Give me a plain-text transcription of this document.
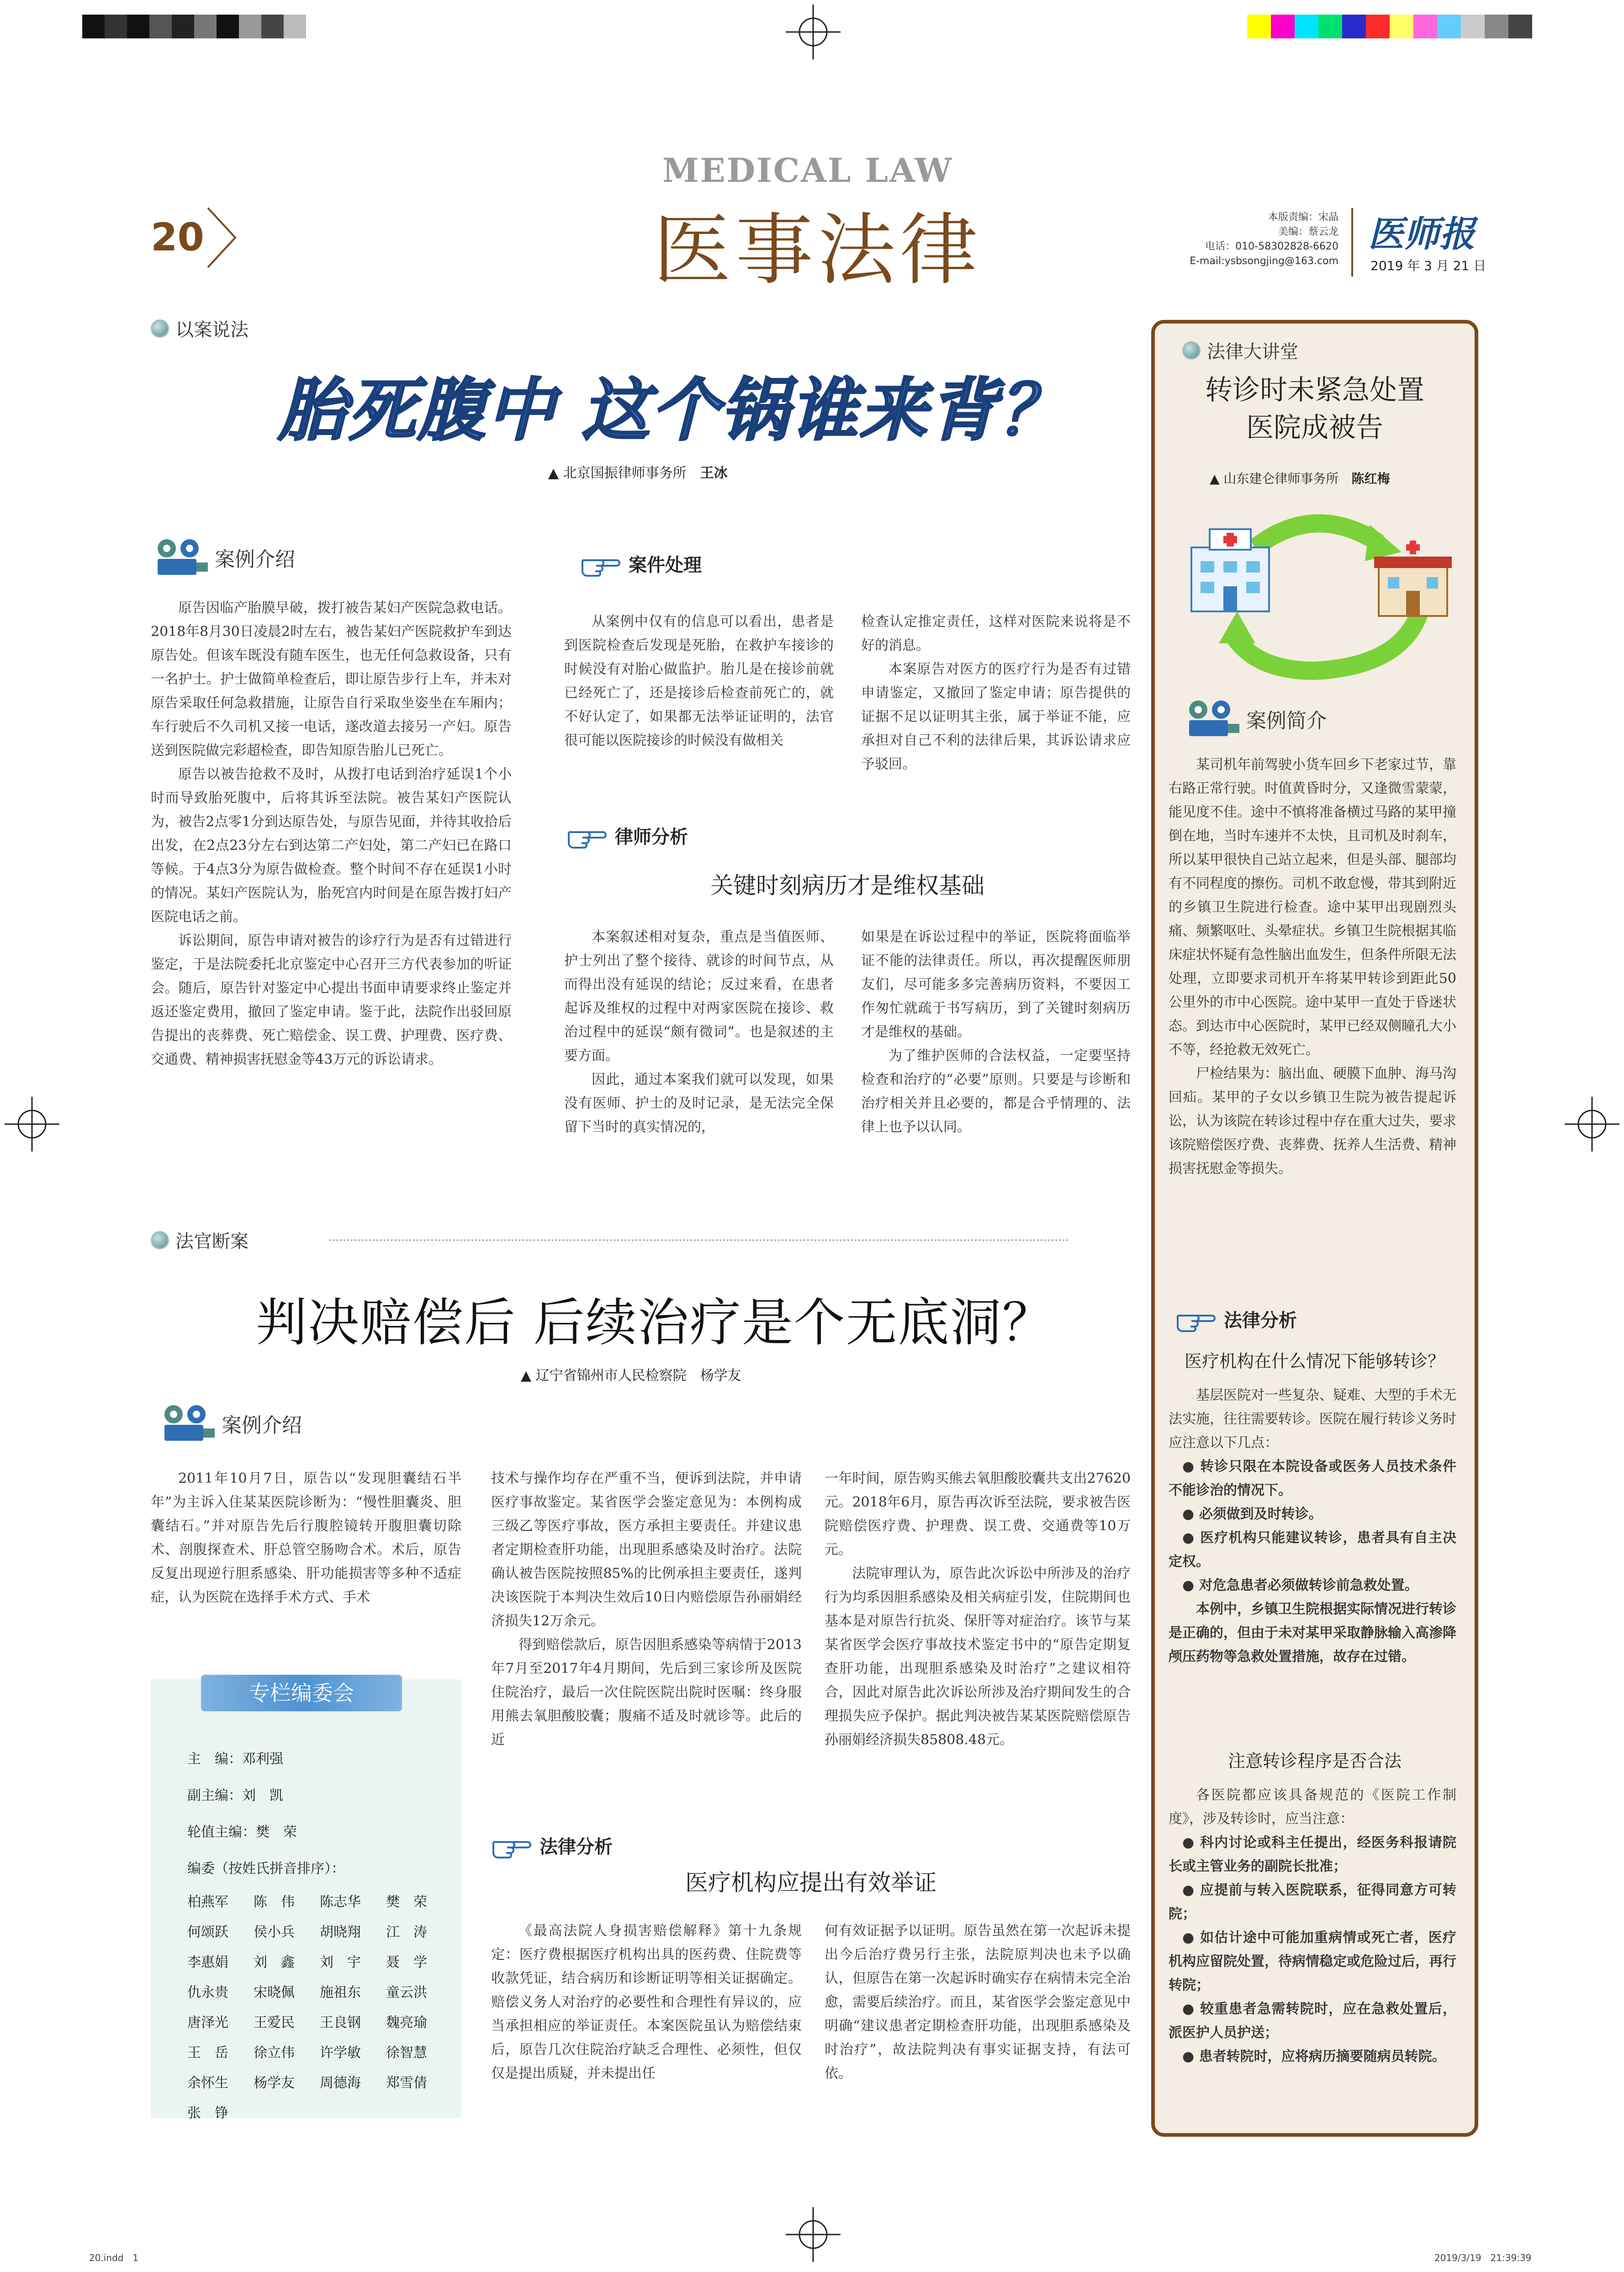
20
MEDICAL LAW
医事法律	本版责编：宋晶
美编：蔡云龙
电话：010-58302828-6620
E-mail:ysbsongjing@163.com
医师报
2019 年 3 月 21 日
以案说法
胎死腹中 这个锅谁来背？
▲ 北京国振律师事务所　 王冰
案例介绍

原告因临产胎膜早破，拨打被告某妇产医院急救电话。2018年8月30日凌晨2时左右，被告某妇产医院救护车到达原告处。但该车既没有随车医生，也无任何急救设备，只有一名护士。护士做简单检查后，即让原告步行上车，并未对原告采取任何急救措施，让原告自行采取坐姿坐在车厢内；车行驶后不久司机又接一电话，遂改道去接另一产妇。原告送到医院做完彩超检查，即告知原告胎儿已死亡。

原告以被告抢救不及时，从拨打电话到治疗延误1个小时而导致胎死腹中，后将其诉至法院。被告某妇产医院认为，被告2点零1分到达原告处，与原告见面，并待其收拾后出发，在2点23分左右到达第二产妇处，第二产妇已在路口等候。于4点3分为原告做检查。整个时间不存在延误1小时的情况。某妇产医院认为，胎死宫内时间是在原告拨打妇产医院电话之前。

诉讼期间，原告申请对被告的诊疗行为是否有过错进行鉴定，于是法院委托北京鉴定中心召开三方代表参加的听证会。随后，原告针对鉴定中心提出书面申请要求终止鉴定并返还鉴定费用，撤回了鉴定申请。鉴于此，法院作出驳回原告提出的丧葬费、死亡赔偿金、误工费、护理费、医疗费、交通费、精神损害抚慰金等43万元的诉讼请求。

案件处理

从案例中仅有的信息可以看出，患者是到医院检查后发现是死胎，在救护车接诊的时候没有对胎心做监护。胎儿是在接诊前就已经死亡了，还是接诊后检查前死亡的，就不好认定了，如果都无法举证证明的，法官很可能以医院接诊的时候没有做相关

检查认定推定责任，这样对医院来说将是不好的消息。

本案原告对医方的医疗行为是否有过错申请鉴定，又撤回了鉴定申请；原告提供的证据不足以证明其主张，属于举证不能，应承担对自己不利的法律后果，其诉讼请求应予驳回。

律师分析
关键时刻病历才是维权基础

本案叙述相对复杂，重点是当值医师、护士列出了整个接待、就诊的时间节点，从而得出没有延误的结论；反过来看，在患者起诉及维权的过程中对两家医院在接诊、救治过程中的延误“颇有微词”。也是叙述的主要方面。

因此，通过本案我们就可以发现，如果没有医师、护士的及时记录，是无法完全保留下当时的真实情况的，

如果是在诉讼过程中的举证，医院将面临举证不能的法律责任。所以，再次提醒医师朋友们，尽可能多多完善病历资料，不要因工作匆忙就疏于书写病历，到了关键时刻病历才是维权的基础。

为了维护医师的合法权益，一定要坚持检查和治疗的“必要”原则。只要是与诊断和治疗相关并且必要的，都是合乎情理的、法律上也予以认同。

法官断案
判决赔偿后 后续治疗是个无底洞？
▲ 辽宁省锦州市人民检察院　 杨学友
案例介绍

2011年10月7日，原告以“发现胆囊结石半年”为主诉入住某某医院诊断为：“慢性胆囊炎、胆囊结石。”并对原告先后行腹腔镜转开腹胆囊切除术、剖腹探查术、肝总管空肠吻合术。术后，原告反复出现逆行胆系感染、肝功能损害等多种不适症症，认为医院在选择手术方式、手术

技术与操作均存在严重不当，便诉到法院，并申请医疗事故鉴定。某省医学会鉴定意见为：本例构成三级乙等医疗事故，医方承担主要责任。并建议患者定期检查肝功能，出现胆系感染及时治疗。法院确认被告医院按照85%的比例承担主要责任，遂判决该医院于本判决生效后10日内赔偿原告孙丽娟经济损失12万余元。

得到赔偿款后，原告因胆系感染等病情于2013年7月至2017年4月期间，先后到三家诊所及医院住院治疗，最后一次住院医院出院时医嘱：终身服用熊去氧胆酸胶囊；腹痛不适及时就诊等。此后的近

一年时间，原告购买熊去氧胆酸胶囊共支出27620元。2018年6月，原告再次诉至法院，要求被告医院赔偿医疗费、护理费、误工费、交通费等10万元。

法院审理认为，原告此次诉讼中所涉及的治疗行为均系因胆系感染及相关病症引发，住院期间也基本是对原告行抗炎、保肝等对症治疗。该节与某某省医学会医疗事故技术鉴定书中的“原告定期复查肝功能，出现胆系感染及时治疗”之建议相符合，因此对原告此次诉讼所涉及治疗期间发生的合理损失应予保护。据此判决被告某某医院赔偿原告孙丽娟经济损失85808.48元。

专栏编委会
主　编：邓利强
副主编：刘　凯
轮值主编：樊　荣
编委（按姓氏拼音排序）：
柏燕军	陈　伟	陈志华	樊　荣
何颂跃	侯小兵	胡晓翔	江　涛
李惠娟	刘　鑫	刘　宇	聂　学
仇永贵	宋晓佩	施祖东	童云洪
唐泽光	王爱民	王良钢	魏亮瑜
王　岳	徐立伟	许学敏	徐智慧
余怀生	杨学友	周德海	郑雪倩
张　铮
法律分析
医疗机构应提出有效举证

《最高法院人身损害赔偿解释》第十九条规定：医疗费根据医疗机构出具的医药费、住院费等收款凭证，结合病历和诊断证明等相关证据确定。赔偿义务人对治疗的必要性和合理性有异议的，应当承担相应的举证责任。本案医院虽认为赔偿结束后，原告几次住院治疗缺乏合理性、必须性，但仅仅是提出质疑，并未提出任

何有效证据予以证明。原告虽然在第一次起诉未提出今后治疗费另行主张，法院原判决也未予以确认，但原告在第一次起诉时确实存在病情未完全治愈，需要后续治疗。而且，某省医学会鉴定意见中明确“建议患者定期检查肝功能，出现胆系感染及时治疗”，故法院判决有事实证据支持，有法可依。

法律大讲堂
转诊时未紧急处置
医院成被告
▲ 山东建仑律师事务所　 陈红梅
案例简介

某司机年前驾驶小货车回乡下老家过节，靠右路正常行驶。时值黄昏时分，又逢微雪蒙蒙，能见度不佳。途中不慎将准备横过马路的某甲撞倒在地，当时车速并不太快，且司机及时刹车，所以某甲很快自己站立起来，但是头部、腿部均有不同程度的擦伤。司机不敢怠慢，带其到附近的乡镇卫生院进行检查。途中某甲出现剧烈头痛、频繁呕吐、头晕症状。乡镇卫生院根据其临床症状怀疑有急性脑出血发生，但条件所限无法处理，立即要求司机开车将某甲转诊到距此50公里外的市中心医院。途中某甲一直处于昏迷状态。到达市中心医院时，某甲已经双侧瞳孔大小不等，经抢救无效死亡。

尸检结果为：脑出血、硬膜下血肿、海马沟回疝。某甲的子女以乡镇卫生院为被告提起诉讼，认为该院在转诊过程中存在重大过失，要求该院赔偿医疗费、丧葬费、抚养人生活费、精神损害抚慰金等损失。

法律分析
医疗机构在什么情况下能够转诊？

基层医院对一些复杂、疑难、大型的手术无法实施，往往需要转诊。医院在履行转诊义务时应注意以下几点：

● 转诊只限在本院设备或医务人员技术条件不能诊治的情况下。

● 必须做到及时转诊。

● 医疗机构只能建议转诊，患者具有自主决定权。

● 对危急患者必须做转诊前急救处置。

本例中，乡镇卫生院根据实际情况进行转诊是正确的，但由于未对某甲采取静脉输入高渗降颅压药物等急救处置措施，故存在过错。

注意转诊程序是否合法

各医院都应该具备规范的《医院工作制度》，涉及转诊时，应当注意：

● 科内讨论或科主任提出，经医务科报请院长或主管业务的副院长批准；

● 应提前与转入医院联系，征得同意方可转院；

● 如估计途中可能加重病情或死亡者，医疗机构应留院处置，待病情稳定或危险过后，再行转院；

● 较重患者急需转院时，应在急救处置后，派医护人员护送；

● 患者转院时，应将病历摘要随病员转院。

20.indd　1	2019/3/19　21:39:39
